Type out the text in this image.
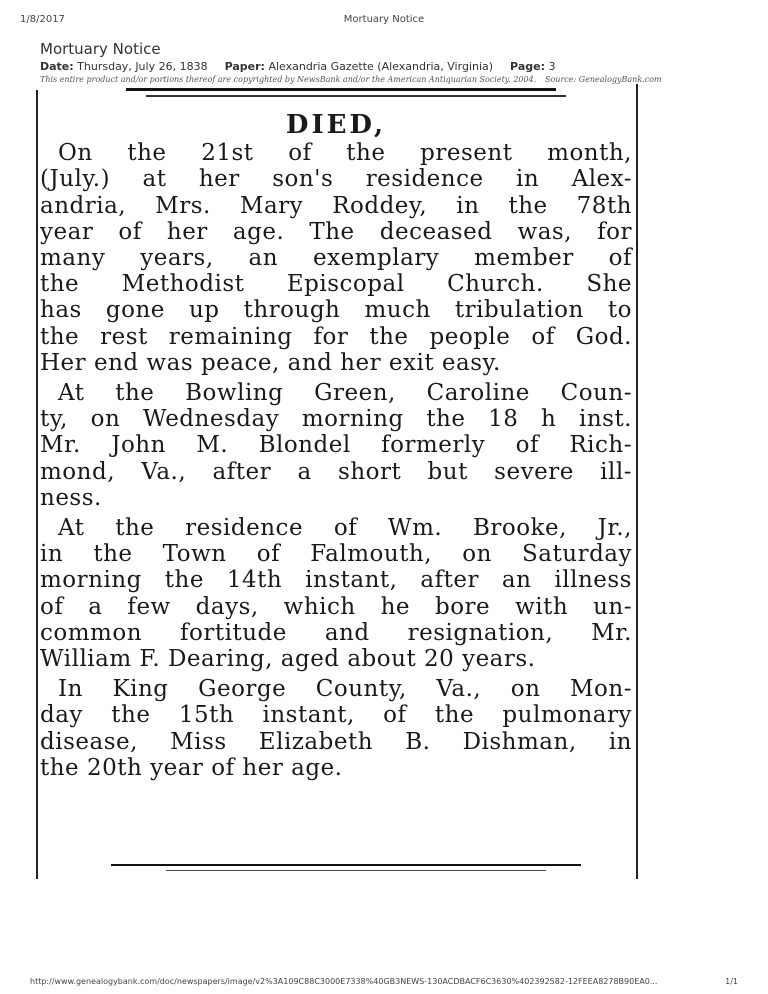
1/8/2017	Mortuary Notice
Mortuary Notice
Date: Thursday, July 26, 1838 Paper: Alexandria Gazette (Alexandria, Virginia) Page: 3
This entire product and/or portions thereof are copyrighted by NewsBank and/or the American Antiquarian Society. 2004. Source: GenealogyBank.com
DIED,
On the 21st of the present month,
(July.) at her son's residence in Alex-
andria, Mrs. Mary Roddey, in the 78th
year of her age. The deceased was, for
many years, an exemplary member of
the Methodist Episcopal Church. She
has gone up through much tribulation to
the rest remaining for the people of God.
Her end was peace, and her exit easy.
At the Bowling Green, Caroline Coun-
ty, on Wednesday morning the 18 h inst.
Mr. John M. Blondel formerly of Rich-
mond, Va., after a short but severe ill-
ness.
At the residence of Wm. Brooke, Jr.,
in the Town of Falmouth, on Saturday
morning the 14th instant, after an illness
of a few days, which he bore with un-
common fortitude and resignation, Mr.
William F. Dearing, aged about 20 years.
In King George County, Va., on Mon-
day the 15th instant, of the pulmonary
disease, Miss Elizabeth B. Dishman, in
the 20th year of her age.
http://www.genealogybank.com/doc/newspapers/image/v2%3A109C88C3000E7338%40GB3NEWS-130ACDBACF6C3630%402392582-12FEEA8278B90EA0...	1/1
